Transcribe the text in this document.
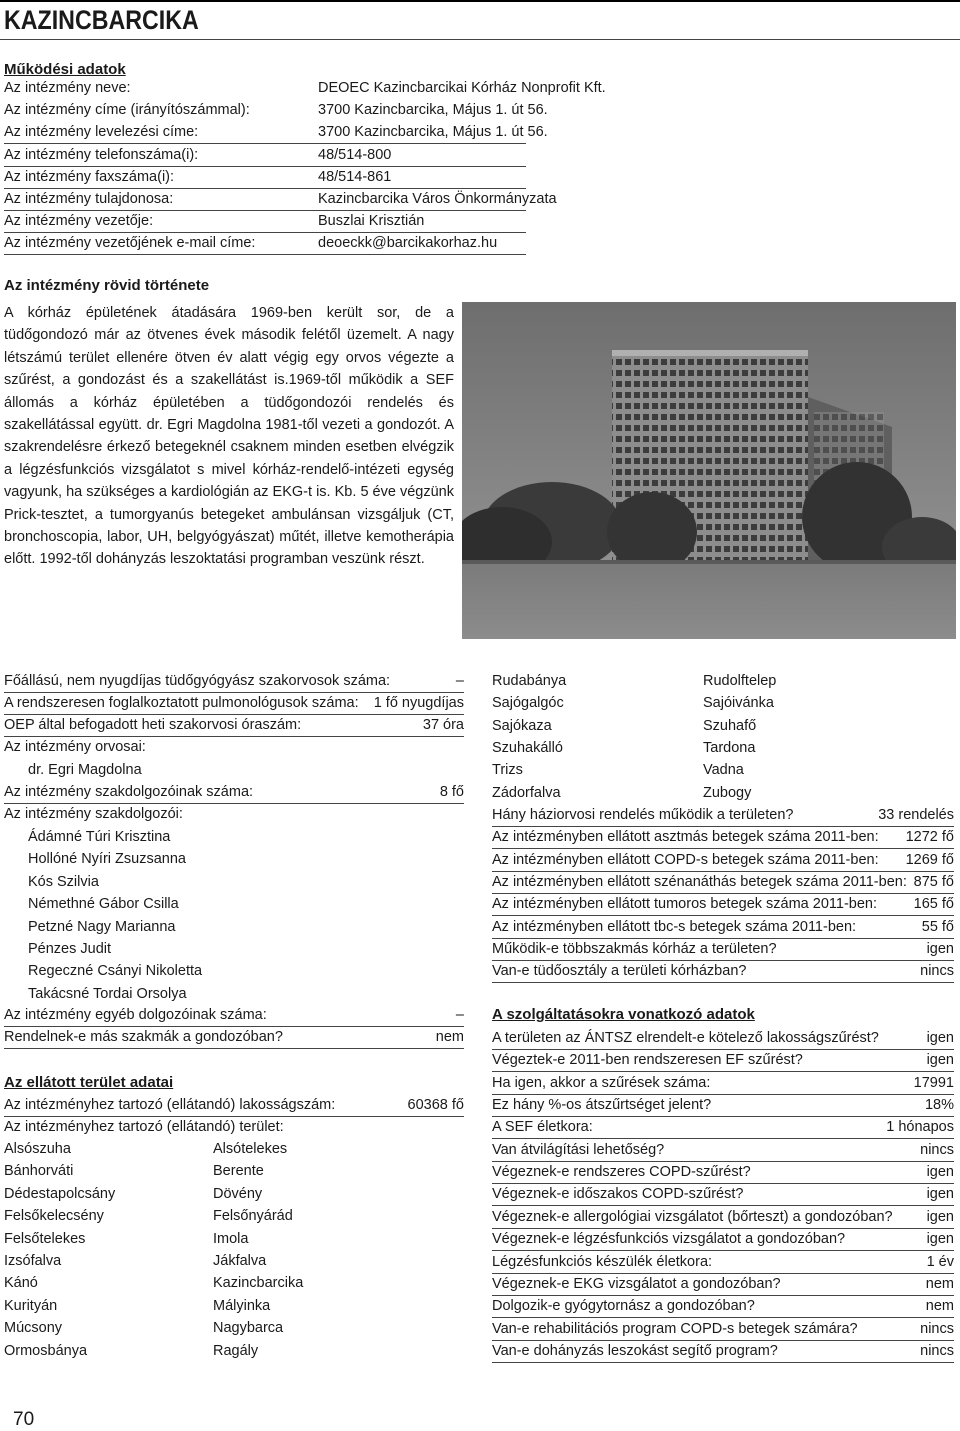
KAZINCBARCIKA
Működési adatok
Az intézmény neve:	DEOEC Kazincbarcikai Kórház Nonprofit Kft.
Az intézmény címe (irányítószámmal):	3700 Kazincbarcika, Május 1. út 56.
Az intézmény levelezési címe:	3700 Kazincbarcika, Május 1. út 56.
Az intézmény telefonszáma(i):	48/514-800
Az intézmény faxszáma(i):	48/514-861
Az intézmény tulajdonosa:	Kazincbarcika Város Önkormányzata
Az intézmény vezetője:	Buszlai Krisztián
Az intézmény vezetőjének e-mail címe:	deoeckk@barcikakorhaz.hu
Az intézmény rövid története
A kórház épületének átadására 1969-ben került sor, de a tüdőgondozó már az ötvenes évek második felétől üzemelt. A nagy létszámú terület ellenére ötven év alatt végig egy orvos végezte a szűrést, a gondozást és a szakellátást is.1969-től működik a SEF állomás a kórház épületében a tüdőgondozói rendelés és szakellátással együtt. dr. Egri Magdolna 1981-től vezeti a gondozót. A szakrendelésre érkező betegeknél csaknem minden esetben elvégzik a légzésfunkciós vizsgálatot s mivel kórház-rendelő-intézeti egység vagyunk, ha szükséges a kardiológián az EKG-t is. Kb. 5 éve végzünk Prick-tesztet, a tumorgyanús betegeket ambulánsan vizsgáljuk (CT, bronchoscopia, labor, UH, belgyógyászat) műtét, illetve kemotherápia előtt. 1992-től dohányzás leszoktatási programban veszünk részt.
Főállású, nem nyugdíjas tüdőgyógyász szakorvosok száma:	–
A rendszeresen foglalkoztatott pulmonológusok száma: 1 fő nyugdíjas
OEP által befogadott heti szakorvosi óraszám:	37 óra
Az intézmény orvosai:
dr. Egri Magdolna
Az intézmény szakdolgozóinak száma:	8 fő
Az intézmény szakdolgozói:
Ádámné Túri Krisztina
Hollóné Nyíri Zsuzsanna
Kós Szilvia
Némethné Gábor Csilla
Petzné Nagy Marianna
Pénzes Judit
Regeczné Csányi Nikoletta
Takácsné Tordai Orsolya
Az intézmény egyéb dolgozóinak száma:	–
Rendelnek-e más szakmák a gondozóban?	nem
Az ellátott terület adatai
Az intézményhez tartozó (ellátandó) lakosságszám:	60368 fő
Az intézményhez tartozó (ellátandó) terület:
Alsószuha	Alsótelekes
Bánhorváti	Berente
Dédestapolcsány	Dövény
Felsőkelecsény	Felsőnyárád
Felsőtelekes	Imola
Izsófalva	Jákfalva
Kánó	Kazincbarcika
Kurityán	Mályinka
Múcsony	Nagybarca
Ormosbánya	Ragály
Rudabánya	Rudolftelep
Sajógalgóc	Sajóivánka
Sajókaza	Szuhafő
Szuhakálló	Tardona
Trizs	Vadna
Zádorfalva	Zubogy
Hány háziorvosi rendelés működik a területen?	33 rendelés
Az intézményben ellátott asztmás betegek száma 2011-ben: 1272 fő
Az intézményben ellátott COPD-s betegek száma 2011-ben: 1269 fő
Az intézményben ellátott szénanáthás betegek száma 2011-ben: 875 fő
Az intézményben ellátott tumoros betegek száma 2011-ben:	165 fő
Az intézményben ellátott tbc-s betegek száma 2011-ben:	55 fő
Működik-e többszakmás kórház a területen?	igen
Van-e tüdőosztály a területi kórházban?	nincs
A szolgáltatásokra vonatkozó adatok
A területen az ÁNTSZ elrendelt-e kötelező lakosságszűrést?	igen
Végeztek-e 2011-ben rendszeresen EF szűrést?	igen
Ha igen, akkor a szűrések száma:	17991
Ez hány %-os átszűrtséget jelent?	18%
A SEF életkora:	1 hónapos
Van átvilágítási lehetőség?	nincs
Végeznek-e rendszeres COPD-szűrést?	igen
Végeznek-e időszakos COPD-szűrést?	igen
Végeznek-e allergológiai vizsgálatot (bőrteszt) a gondozóban? igen
Végeznek-e légzésfunkciós vizsgálatot a gondozóban?	igen
Légzésfunkciós készülék életkora:	1 év
Végeznek-e EKG vizsgálatot a gondozóban?	nem
Dolgozik-e gyógytornász a gondozóban?	nem
Van-e rehabilitációs program COPD-s betegek számára?	nincs
Van-e dohányzás leszokást segítő program?	nincs
70
